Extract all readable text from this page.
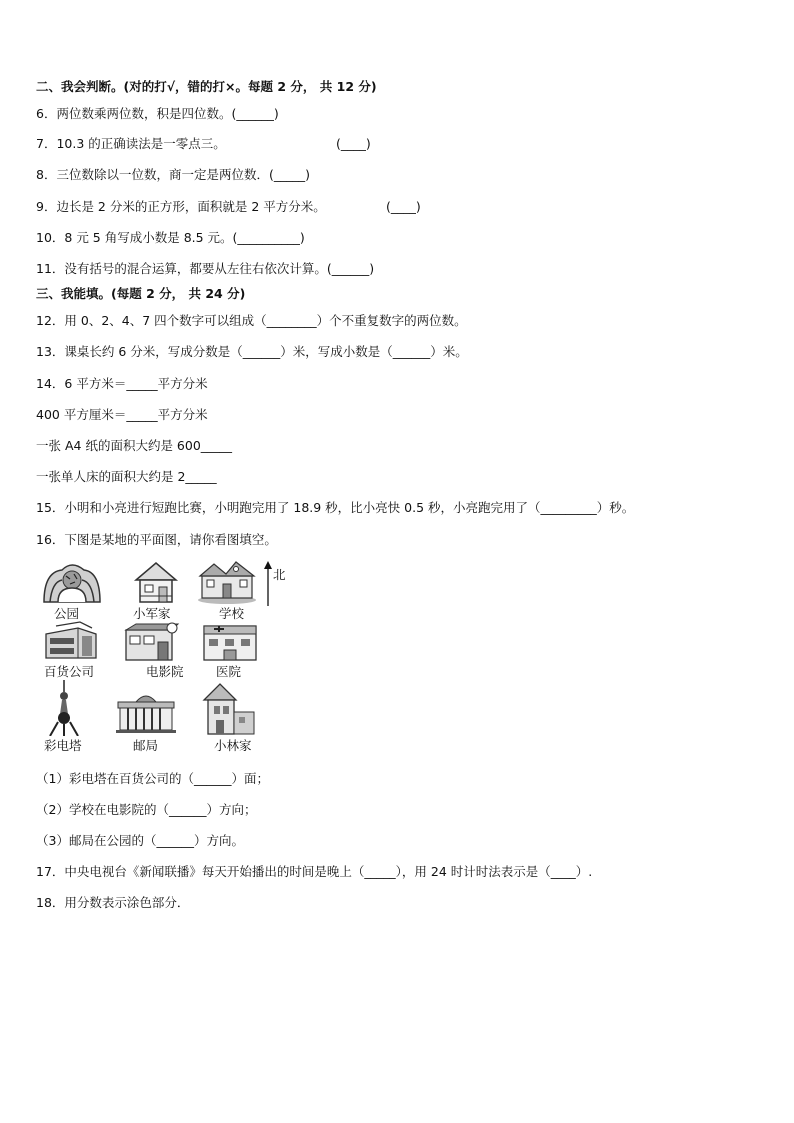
二、我会判断。(对的打√，错的打×。每题 2 分， 共 12 分)
6．两位数乘两位数，积是四位数。(______)
7．10.3 的正确读法是一零点三。	(____)
8．三位数除以一位数，商一定是两位数．(_____)
9．边长是 2 分米的正方形，面积就是 2 平方分米。	(____)
10．8 元 5 角写成小数是 8.5 元。(__________)
11．没有括号的混合运算，都要从左往右依次计算。(______)
三、我能填。(每题 2 分， 共 24 分)
12．用 0、2、4、7 四个数字可以组成（________）个不重复数字的两位数。
13．课桌长约 6 分米，写成分数是（______）米，写成小数是（______）米。
14．6 平方米＝_____平方分米
400 平方厘米＝_____平方分米
一张 A4 纸的面积大约是 600_____
一张单人床的面积大约是 2_____
15．小明和小亮进行短跑比赛，小明跑完用了 18.9 秒，比小亮快 0.5 秒，小亮跑完用了（_________）秒。
16．下图是某地的平面图，请你看图填空。
公园	小军家	学校
北
百货公司	电影院	医院
彩电塔	邮局	小林家
（1）彩电塔在百货公司的（______）面；
（2）学校在电影院的（______）方向；
（3）邮局在公园的（______）方向。
17．中央电视台《新闻联播》每天开始播出的时间是晚上（_____），用 24 时计时法表示是（____）.
18．用分数表示涂色部分．
